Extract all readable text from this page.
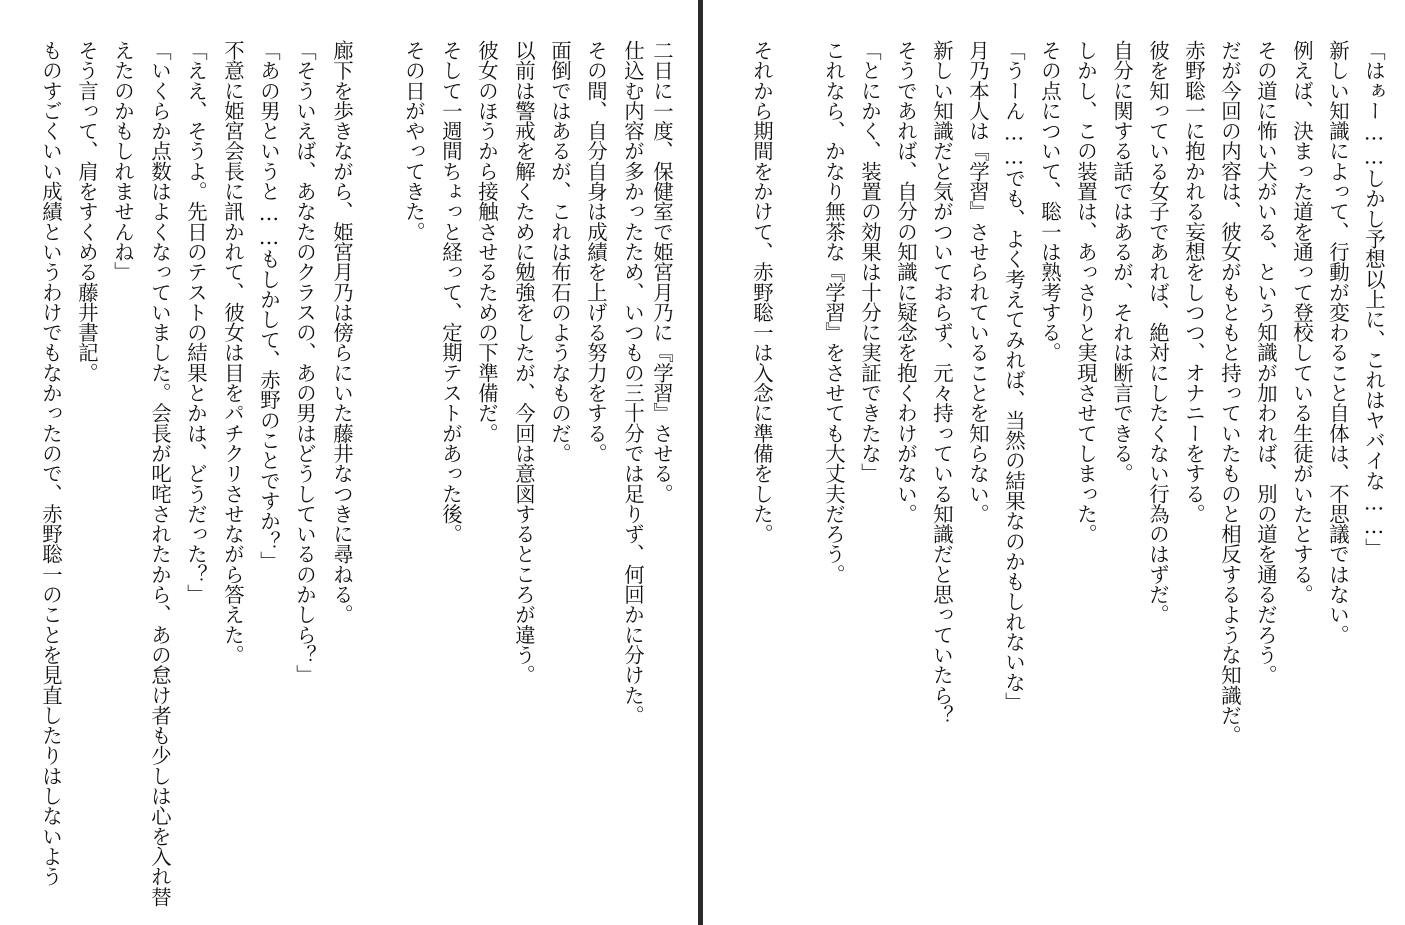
二日に一度、保健室で姫宮月乃に『学習』させる。
仕込む内容が多かったため、いつもの三十分では足りず、何回かに分けた。
その間、自分自身は成績を上げる努力をする。
面倒ではあるが、これは布石のようなものだ。
以前は警戒を解くために勉強をしたが、今回は意図するところが違う。
彼女のほうから接触させるための下準備だ。
そして一週間ちょっと経って、定期テストがあった後。
その日がやってきた。
廊下を歩きながら、姫宮月乃は傍らにいた藤井なつきに尋ねる。
「そういえば、あなたのクラスの、あの男はどうしているのかしら？」
「あの男というと……もしかして、赤野のことですか？」
不意に姫宮会長に訊かれて、彼女は目をパチクリさせながら答えた。
「ええ、そうよ。先日のテストの結果とかは、どうだった？」
「いくらか点数はよくなっていました。会長が叱咤されたから、あの怠け者も少しは心を入れ替
えたのかもしれませんね」
そう言って、肩をすくめる藤井書記。
ものすごくいい成績というわけでもなかったので、赤野聡一のことを見直したりはしないよう	「はぁー……しかし予想以上に、これはヤバイな……」
新しい知識によって、行動が変わること自体は、不思議ではない。
例えば、決まった道を通って登校している生徒がいたとする。
その道に怖い犬がいる、という知識が加われば、別の道を通るだろう。
だが今回の内容は、彼女がもともと持っていたものと相反するような知識だ。
赤野聡一に抱かれる妄想をしつつ、オナニーをする。
彼を知っている女子であれば、絶対にしたくない行為のはずだ。
自分に関する話ではあるが、それは断言できる。
しかし、この装置は、あっさりと実現させてしまった。
その点について、聡一は熟考する。
「うーん……でも、よく考えてみれば、当然の結果なのかもしれないな」
月乃本人は『学習』させられていることを知らない。
新しい知識だと気がついておらず、元々持っている知識だと思っていたら？
そうであれば、自分の知識に疑念を抱くわけがない。
「とにかく、装置の効果は十分に実証できたな」
これなら、かなり無茶な『学習』をさせても大丈夫だろう。
それから期間をかけて、赤野聡一は入念に準備をした。
